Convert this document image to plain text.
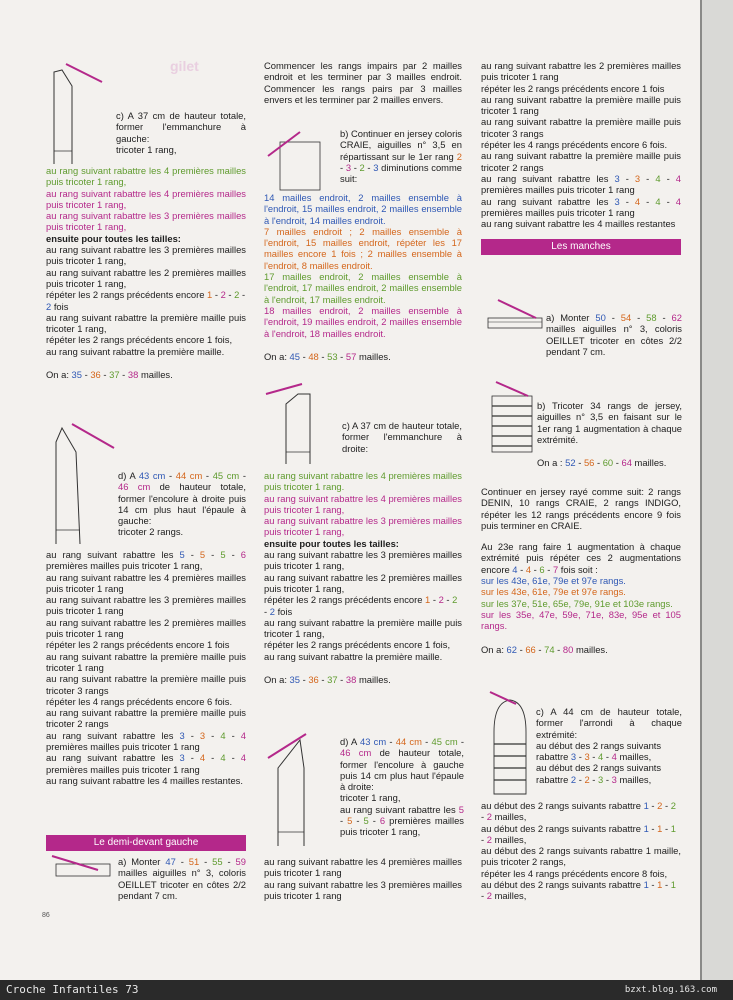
gilet

c) A 37 cm de hauteur totale, former l'emmanchure à gauche:

tricoter 1 rang,

au rang suivant rabattre les 4 premières mailles puis tricoter 1 rang,

au rang suivant rabattre les 4 premières mailles puis tricoter 1 rang,

au rang suivant rabattre les 3 premières mailles puis tricoter 1 rang,

ensuite pour toutes les tailles:

au rang suivant rabattre les 3 premières mailles puis tricoter 1 rang,

au rang suivant rabattre les 2 premières mailles puis tricoter 1 rang,

répéter les 2 rangs précédents encore 1 - 2 - 2 - 2 fois

au rang suivant rabattre la première maille puis tricoter 1 rang,

répéter les 2 rangs précédents encore 1 fois,

au rang suivant rabattre la première maille.

On a: 35 - 36 - 37 - 38 mailles.

d) A 43 cm - 44 cm - 45 cm - 46 cm de hauteur totale, former l'encolure à droite puis 14 cm plus haut l'épaule à gauche:

tricoter 2 rangs.

au rang suivant rabattre les 5 - 5 - 5 - 6 premières mailles puis tricoter 1 rang,

au rang suivant rabattre les 4 premières mailles puis tricoter 1 rang

au rang suivant rabattre les 3 premières mailles puis tricoter 1 rang

au rang suivant rabattre les 2 premières mailles puis tricoter 1 rang

répéter les 2 rangs précédents encore 1 fois

au rang suivant rabattre la première maille puis tricoter 1 rang

au rang suivant rabattre la première maille puis tricoter 3 rangs

répéter les 4 rangs précédents encore 6 fois.

au rang suivant rabattre la première maille puis tricoter 2 rangs

au rang suivant rabattre les 3 - 3 - 4 - 4 premières mailles puis tricoter 1 rang

au rang suivant rabattre les 3 - 4 - 4 - 4 premières mailles puis tricoter 1 rang

au rang suivant rabattre les 4 mailles restantes.

Le demi-devant gauche

a) Monter 47 - 51 - 55 - 59 mailles aiguilles n° 3, coloris OEILLET tricoter en côtes 2/2 pendant 7 cm.

86

Commencer les rangs impairs par 2 mailles endroit et les terminer par 3 mailles endroit. Commencer les rangs pairs par 3 mailles envers et les terminer par 2 mailles envers.

b) Continuer en jersey coloris CRAIE, aiguilles n° 3,5 en répartissant sur le 1er rang 2 - 3 - 2 - 3 diminutions comme suit:

14 mailles endroit, 2 mailles ensemble à l'endroit, 15 mailles endroit, 2 mailles ensemble à l'endroit, 14 mailles endroit.

7 mailles endroit ; 2 mailles ensemble à l'endroit, 15 mailles endroit, répéter les 17 mailles encore 1 fois ; 2 mailles ensemble à l'endroit, 8 mailles endroit.

17 mailles endroit, 2 mailles ensemble à l'endroit, 17 mailles endroit, 2 mailles ensemble à l'endroit, 17 mailles endroit.

18 mailles endroit, 2 mailles ensemble à l'endroit, 19 mailles endroit, 2 mailles ensemble à l'endroit, 18 mailles endroit.

On a: 45 - 48 - 53 - 57 mailles.

c) A 37 cm de hauteur totale, former l'emmanchure à droite:

au rang suivant rabattre les 4 premières mailles puis tricoter 1 rang.

au rang suivant rabattre les 4 premières mailles puis tricoter 1 rang,

au rang suivant rabattre les 3 premières mailles puis tricoter 1 rang,

ensuite pour toutes les tailles:

au rang suivant rabattre les 3 premières mailles puis tricoter 1 rang,

au rang suivant rabattre les 2 premières mailles puis tricoter 1 rang,

répéter les 2 rangs précédents encore 1 - 2 - 2 - 2 fois

au rang suivant rabattre la première maille puis tricoter 1 rang,

répéter les 2 rangs précédents encore 1 fois,

au rang suivant rabattre la première maille.

On a: 35 - 36 - 37 - 38 mailles.

d) A 43 cm - 44 cm - 45 cm - 46 cm de hauteur totale, former l'encolure à gauche puis 14 cm plus haut l'épaule à droite:

tricoter 1 rang,

au rang suivant rabattre les 5 - 5 - 5 - 6 premières mailles puis tricoter 1 rang,

au rang suivant rabattre les 4 premières mailles puis tricoter 1 rang

au rang suivant rabattre les 3 premières mailles puis tricoter 1 rang

au rang suivant rabattre les 2 premières mailles puis tricoter 1 rang

répéter les 2 rangs précédents encore 1 fois

au rang suivant rabattre la première maille puis tricoter 1 rang

au rang suivant rabattre la première maille puis tricoter 3 rangs

répéter les 4 rangs précédents encore 6 fois.

au rang suivant rabattre la première maille puis tricoter 2 rangs

au rang suivant rabattre les 3 - 3 - 4 - 4 premières mailles puis tricoter 1 rang

au rang suivant rabattre les 3 - 4 - 4 - 4 premières mailles puis tricoter 1 rang

au rang suivant rabattre les 4 mailles restantes

Les manches

a) Monter 50 - 54 - 58 - 62 mailles aiguilles n° 3, coloris OEILLET tricoter en côtes 2/2 pendant 7 cm.

b) Tricoter 34 rangs de jersey, aiguilles n° 3,5 en faisant sur le 1er rang 1 augmentation à chaque extrémité.

On a : 52 - 56 - 60 - 64 mailles.

Continuer en jersey rayé comme suit: 2 rangs DENIN, 10 rangs CRAIE, 2 rangs INDIGO, répéter les 12 rangs précédents encore 9 fois puis terminer en CRAIE.

Au 23e rang faire 1 augmentation à chaque extrémité puis répéter ces 2 augmentations encore 4 - 4 - 6 - 7 fois soit :

sur les 43e, 61e, 79e et 97e rangs.

sur les 43e, 61e, 79e et 97e rangs.

sur les 37e, 51e, 65e, 79e, 91e et 103e rangs.

sur les 35e, 47e, 59e, 71e, 83e, 95e et 105 rangs.

On a: 62 - 66 - 74 - 80 mailles.

c) A 44 cm de hauteur totale, former l'arrondi à chaque extrémité:

au début des 2 rangs suivants rabattre 3 - 3 - 4 - 4 mailles,

au début des 2 rangs suivants rabattre 2 - 2 - 3 - 3 mailles,

au début des 2 rangs suivants rabattre 1 - 2 - 2 - 2 mailles,

au début des 2 rangs suivants rabattre 1 - 1 - 1 - 2 mailles,

au début des 2 rangs suivants rabattre 1 maille, puis tricoter 2 rangs,

répéter les 4 rangs précédents encore 8 fois,

au début des 2 rangs suivants rabattre 1 - 1 - 1 - 2 mailles,

Croche Infantiles 73	bzxt.blog.163.com
